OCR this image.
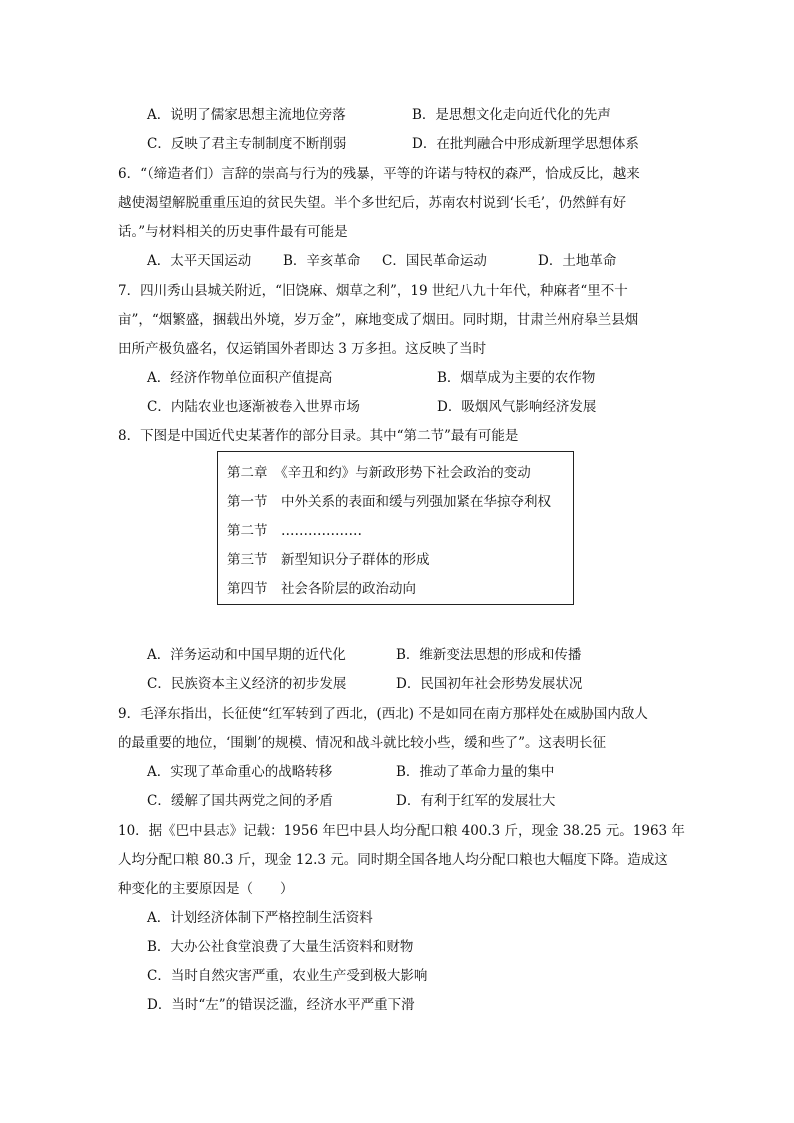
A．说明了儒家思想主流地位旁落	B．是思想文化走向近代化的先声
C．反映了君主专制制度不断削弱	D．在批判融合中形成新理学思想体系
6．“（缔造者们）言辞的崇高与行为的残暴，平等的许诺与特权的森严，恰成反比，越来
越使渴望解脱重重压迫的贫民失望。半个多世纪后，苏南农村说到‘长毛’，仍然鲜有好
话。”与材料相关的历史事件最有可能是
A．太平天国运动 B．辛亥革命 C．国民革命运动	D．土地革命
7．四川秀山县城关附近，“旧饶麻、烟草之利”，19 世纪八九十年代，种麻者“里不十
亩”，“烟繁盛，捆载出外境，岁万金”，麻地变成了烟田。同时期，甘肃兰州府皋兰县烟
田所产极负盛名，仅运销国外者即达 3 万多担。这反映了当时
A．经济作物单位面积产值提高	B．烟草成为主要的农作物
C．内陆农业也逐渐被卷入世界市场	D．吸烟风气影响经济发展
8．下图是中国近代史某著作的部分目录。其中“第二节”最有可能是
第二章　《辛丑和约》与新政形势下社会政治的变动
第一节　中外关系的表面和缓与列强加紧在华掠夺利权
第二节　………………
第三节　新型知识分子群体的形成
第四节　社会各阶层的政治动向
A．洋务运动和中国早期的近代化	B．维新变法思想的形成和传播
C．民族资本主义经济的初步发展	D．民国初年社会形势发展状况
9．毛泽东指出，长征使“红军转到了西北，(西北) 不是如同在南方那样处在威胁国内敌人
的最重要的地位，‘围剿’的规模、情况和战斗就比较小些，缓和些了”。这表明长征
A．实现了革命重心的战略转移	B．推动了革命力量的集中
C．缓解了国共两党之间的矛盾	D．有利于红军的发展壮大
10．据《巴中县志》记载：1956 年巴中县人均分配口粮 400.3 斤，现金 38.25 元。1963 年
人均分配口粮 80.3 斤，现金 12.3 元。同时期全国各地人均分配口粮也大幅度下降。造成这
种变化的主要原因是（　　）
A．计划经济体制下严格控制生活资料
B．大办公社食堂浪费了大量生活资料和财物
C．当时自然灾害严重，农业生产受到极大影响
D．当时“左”的错误泛滥，经济水平严重下滑
